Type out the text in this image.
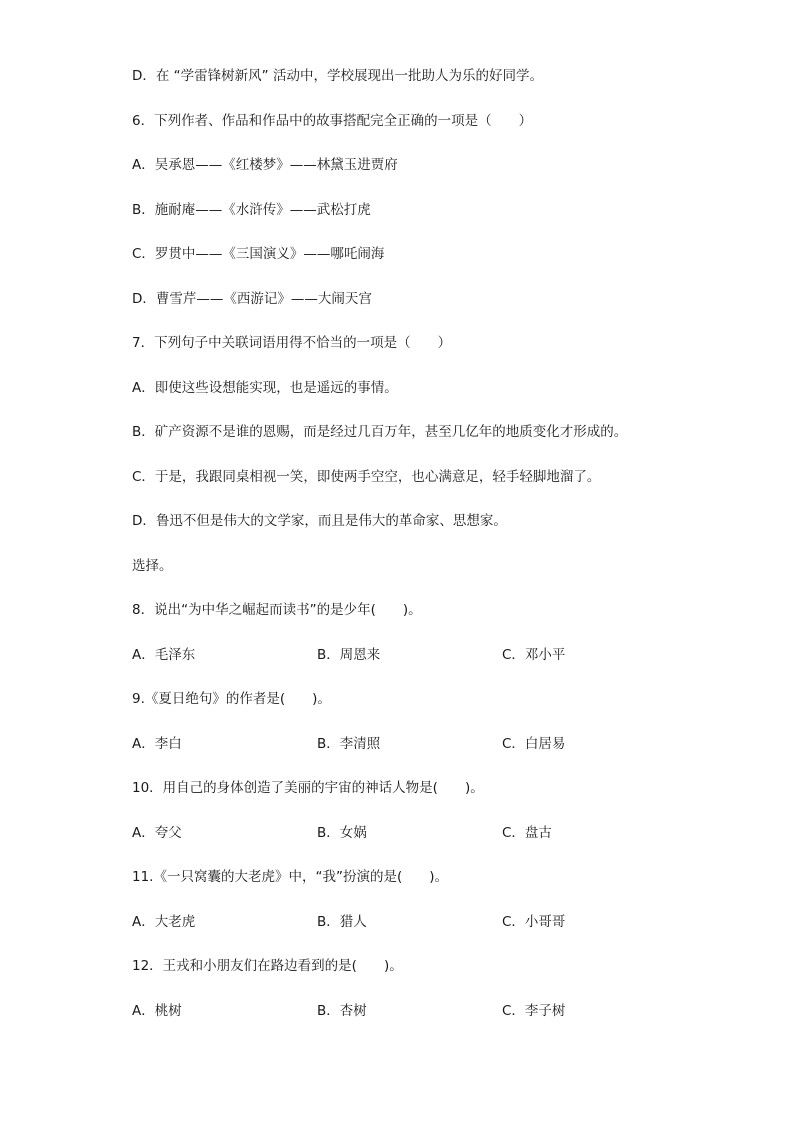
D．在 “学雷锋树新风” 活动中，学校展现出一批助人为乐的好同学。
6．下列作者、作品和作品中的故事搭配完全正确的一项是（　　）
A．吴承恩——《红楼梦》——林黛玉进贾府
B．施耐庵——《水浒传》——武松打虎
C．罗贯中——《三国演义》——哪吒闹海
D．曹雪芹——《西游记》——大闹天宫
7．下列句子中关联词语用得不恰当的一项是（　　）
A．即使这些设想能实现，也是遥远的事情。
B．矿产资源不是谁的恩赐，而是经过几百万年，甚至几亿年的地质变化才形成的。
C．于是，我跟同桌相视一笑，即使两手空空，也心满意足，轻手轻脚地溜了。
D．鲁迅不但是伟大的文学家，而且是伟大的革命家、思想家。
选择。
8．说出“为中华之崛起而读书”的是少年(　　)。
A．毛泽东	B．周恩来	C．邓小平
9.《夏日绝句》的作者是(　　)。
A．李白	B．李清照	C．白居易
10．用自己的身体创造了美丽的宇宙的神话人物是(　　)。
A．夸父	B．女娲	C．盘古
11.《一只窝囊的大老虎》中，“我”扮演的是(　　)。
A．大老虎	B．猎人	C．小哥哥
12．王戎和小朋友们在路边看到的是(　　)。
A．桃树	B．杏树	C．李子树
